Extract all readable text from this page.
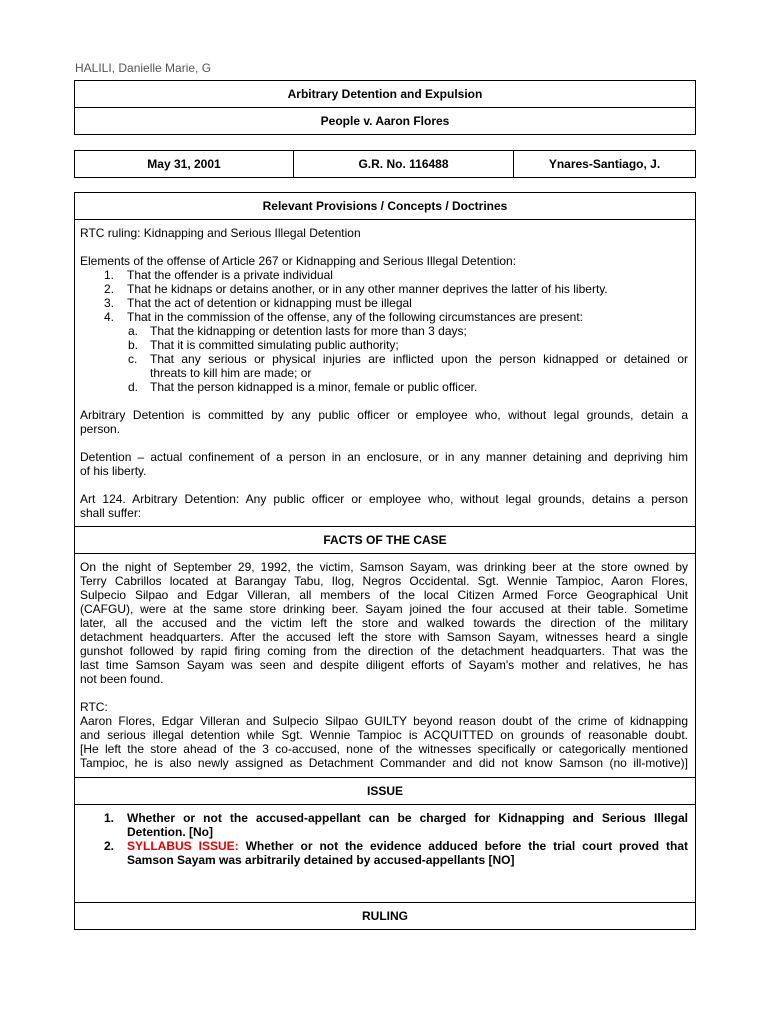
HALILI, Danielle Marie, G
Arbitrary Detention and Expulsion
People v. Aaron Flores
May 31, 2001	G.R. No. 116488	Ynares-Santiago, J.
Relevant Provisions / Concepts / Doctrines
RTC ruling: Kidnapping and Serious Illegal Detention
Elements of the offense of Article 267 or Kidnapping and Serious Illegal Detention:
1.	That the offender is a private individual
2.	That he kidnaps or detains another, or in any other manner deprives the latter of his liberty.
3.	That the act of detention or kidnapping must be illegal
4.	That in the commission of the offense, any of the following circumstances are present:
a. That the kidnapping or detention lasts for more than 3 days;
b. That it is committed simulating public authority;
c.	That any serious or physical injuries are inflicted upon the person kidnapped or detained or
threats to kill him are made; or
d. That the person kidnapped is a minor, female or public officer.
Arbitrary Detention is committed by any public officer or employee who, without legal grounds, detain a
person.
Detention – actual confinement of a person in an enclosure, or in any manner detaining and depriving him
of his liberty.
Art 124. Arbitrary Detention: Any public officer or employee who, without legal grounds, detains a person
shall suffer:
FACTS OF THE CASE
On the night of September 29, 1992, the victim, Samson Sayam, was drinking beer at the store owned by
Terry Cabrillos located at Barangay Tabu, Ilog, Negros Occidental. Sgt. Wennie Tampioc, Aaron Flores,
Sulpecio Silpao and Edgar Villeran, all members of the local Citizen Armed Force Geographical Unit
(CAFGU), were at the same store drinking beer. Sayam joined the four accused at their table. Sometime
later, all the accused and the victim left the store and walked towards the direction of the military
detachment headquarters. After the accused left the store with Samson Sayam, witnesses heard a single
gunshot followed by rapid firing coming from the direction of the detachment headquarters. That was the
last time Samson Sayam was seen and despite diligent efforts of Sayam's mother and relatives, he has
not been found.
RTC:
Aaron Flores, Edgar Villeran and Sulpecio Silpao GUILTY beyond reason doubt of the crime of kidnapping
and serious illegal detention while Sgt. Wennie Tampioc is ACQUITTED on grounds of reasonable doubt.
[He left the store ahead of the 3 co-accused, none of the witnesses specifically or categorically mentioned
Tampioc, he is also newly assigned as Detachment Commander and did not know Samson (no ill-motive)]
ISSUE
1.	Whether or not the accused-appellant can be charged for Kidnapping and Serious Illegal
Detention. [No]
2.	SYLLABUS ISSUE: Whether or not the evidence adduced before the trial court proved that
Samson Sayam was arbitrarily detained by accused-appellants [NO]
RULING
